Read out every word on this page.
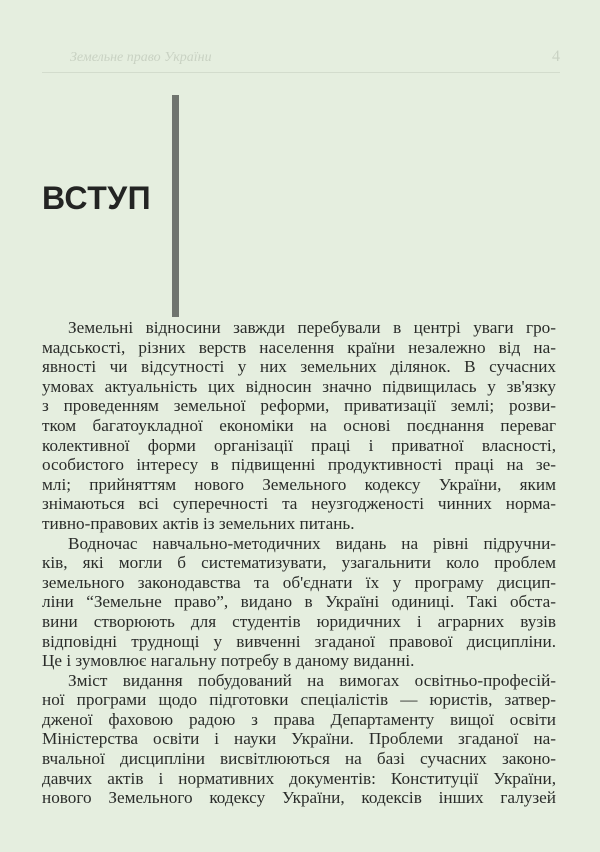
Земельне право України	4
ВСТУП
Земельні відносини завжди перебували в центрі уваги гро-
мадськості, різних верств населення країни незалежно від на-
явності чи відсутності у них земельних ділянок. В сучасних
умовах актуальність цих відносин значно підвищилась у зв'язку
з проведенням земельної реформи, приватизації землі; розви-
тком багатоукладної економіки на основі поєднання переваг
колективної форми організації праці і приватної власності,
особистого інтересу в підвищенні продуктивності праці на зе-
млі; прийняттям нового Земельного кодексу України, яким
знімаються всі суперечності та неузгодженості чинних норма-
тивно-правових актів із земельних питань.
Водночас навчально-методичних видань на рівні підручни-
ків, які могли б систематизувати, узагальнити коло проблем
земельного законодавства та об'єднати їх у програму дисцип-
ліни “Земельне право”, видано в Україні одиниці. Такі обста-
вини створюють для студентів юридичних і аграрних вузів
відповідні труднощі у вивченні згаданої правової дисципліни.
Це і зумовлює нагальну потребу в даному виданні.
Зміст видання побудований на вимогах освітньо-професій-
ної програми щодо підготовки спеціалістів — юристів, затвер-
дженої фаховою радою з права Департаменту вищої освіти
Міністерства освіти і науки України. Проблеми згаданої на-
вчальної дисципліни висвітлюються на базі сучасних законо-
давчих актів і нормативних документів: Конституції України,
нового Земельного кодексу України, кодексів інших галузей
